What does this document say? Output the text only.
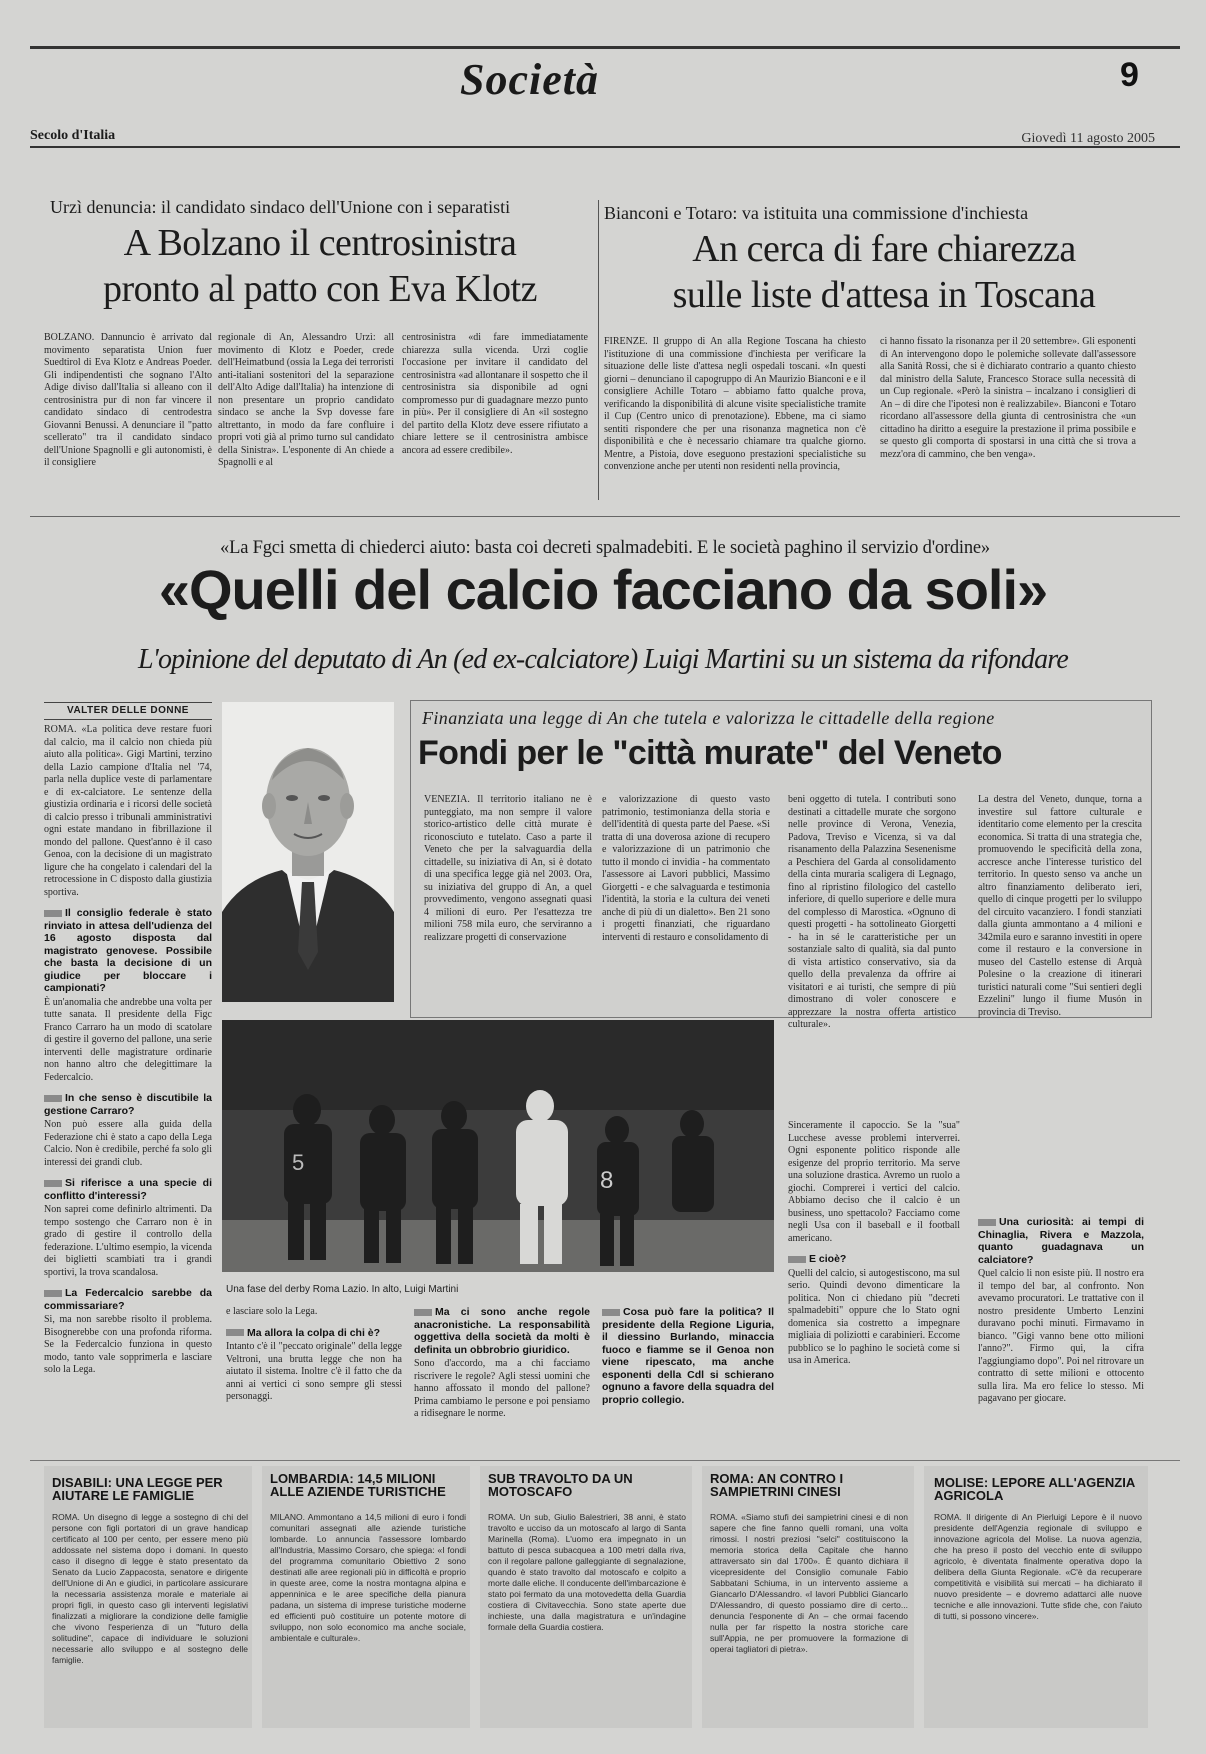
Società	9
Secolo d'Italia	Giovedì 11 agosto 2005
Urzì denuncia: il candidato sindaco dell'Unione con i separatisti
A Bolzano il centrosinistra
pronto al patto con Eva Klotz
BOLZANO. Dannuncio è arrivato dal movimento separatista Union fuer Suedtirol di Eva Klotz e Andreas Poeder. Gli indipendentisti che sognano l'Alto Adige diviso dall'Italia si alleano con il centrosinistra pur di non far vincere il candidato sindaco di centrodestra Giovanni Benussi. A denunciare il "patto scellerato" tra il candidato sindaco dell'Unione Spagnolli e gli autonomisti, è il consigliere
regionale di An, Alessandro Urzì: all movimento di Klotz e Poeder, crede dell'Heimatbund (ossia la Lega dei terroristi anti-italiani sostenitori del la separazione dell'Alto Adige dall'Italia) ha intenzione di non presentare un proprio candidato sindaco se anche la Svp dovesse fare altrettanto, in modo da fare confluire i propri voti già al primo turno sul candidato della Sinistra». L'esponente di An chiede a Spagnolli e al
centrosinistra «di fare immediatamente chiarezza sulla vicenda. Urzì coglie l'occasione per invitare il candidato del centrosinistra «ad allontanare il sospetto che il centrosinistra sia disponibile ad ogni compromesso pur di guadagnare mezzo punto in più». Per il consigliere di An «il sostegno del partito della Klotz deve essere rifiutato a chiare lettere se il centrosinistra ambisce ancora ad essere credibile».
Bianconi e Totaro: va istituita una commissione d'inchiesta
An cerca di fare chiarezza
sulle liste d'attesa in Toscana
FIRENZE. Il gruppo di An alla Regione Toscana ha chiesto l'istituzione di una commissione d'inchiesta per verificare la situazione delle liste d'attesa negli ospedali toscani. «In questi giorni – denunciano il capogruppo di An Maurizio Bianconi e e il consigliere Achille Totaro – abbiamo fatto qualche prova, verificando la disponibilità di alcune visite specialistiche tramite il Cup (Centro unico di prenotazione). Ebbene, ma ci siamo sentiti rispondere che per una risonanza magnetica non c'è disponibilità e che è necessario chiamare tra qualche giorno. Mentre, a Pistoia, dove eseguono prestazioni specialistiche su convenzione anche per utenti non residenti nella provincia,
ci hanno fissato la risonanza per il 20 settembre». Gli esponenti di An intervengono dopo le polemiche sollevate dall'assessore alla Sanità Rossi, che si è dichiarato contrario a quanto chiesto dal ministro della Salute, Francesco Storace sulla necessità di un Cup regionale. «Però la sinistra – incalzano i consiglieri di An – di dire che l'ipotesi non è realizzabile». Bianconi e Totaro ricordano all'assessore della giunta di centrosinistra che «un cittadino ha diritto a eseguire la prestazione il prima possibile e se questo gli comporta di spostarsi in una città che si trova a mezz'ora di cammino, che ben venga».
«La Fgci smetta di chiederci aiuto: basta coi decreti spalmadebiti. E le società paghino il servizio d'ordine»
«Quelli del calcio facciano da soli»
L'opinione del deputato di An (ed ex-calciatore) Luigi Martini su un sistema da rifondare
VALTER DELLE DONNE

ROMA. «La politica deve restare fuori dal calcio, ma il calcio non chieda più aiuto alla politica». Gigi Martini, terzino della Lazio campione d'Italia nel '74, parla nella duplice veste di parlamentare e di ex-calciatore. Le sentenze della giustizia ordinaria e i ricorsi delle società di calcio presso i tribunali amministrativi ogni estate mandano in fibrillazione il mondo del pallone. Quest'anno è il caso Genoa, con la decisione di un magistrato ligure che ha congelato i calendari del la retrocessione in C disposto dalla giustizia sportiva.

Il consiglio federale è stato rinviato in attesa dell'udienza del 16 agosto disposta dal magistrato genovese. Possibile che basta la decisione di un giudice per bloccare i campionati?

È un'anomalia che andrebbe una volta per tutte sanata. Il presidente della Figc Franco Carraro ha un modo di scatolare di gestire il governo del pallone, una serie interventi delle magistrature ordinarie non hanno altro che delegittimare la Federcalcio.

In che senso è discutibile la gestione Carraro?

Non può essere alla guida della Federazione chi è stato a capo della Lega Calcio. Non è credibile, perché fa solo gli interessi dei grandi club.

Si riferisce a una specie di conflitto d'interessi?

Non saprei come definirlo altrimenti. Da tempo sostengo che Carraro non è in grado di gestire il controllo della federazione. L'ultimo esempio, la vicenda dei biglietti scambiati tra i grandi sportivi, la trova scandalosa.

La Federcalcio sarebbe da commissariare?

Si, ma non sarebbe risolto il problema. Bisognerebbe con una profonda riforma. Se la Federcalcio funziona in questo modo, tanto vale sopprimerla e lasciare solo la Lega.

Finanziata una legge di An che tutela e valorizza le cittadelle della regione
Fondi per le "città murate" del Veneto
VENEZIA. Il territorio italiano ne è punteggiato, ma non sempre il valore storico-artistico delle città murate è riconosciuto e tutelato. Caso a parte il Veneto che per la salvaguardia della cittadelle, su iniziativa di An, si è dotato di una specifica legge già nel 2003. Ora, su iniziativa del gruppo di An, a quel provvedimento, vengono assegnati quasi 4 milioni di euro. Per l'esattezza tre milioni 758 mila euro, che serviranno a realizzare progetti di conservazione
e valorizzazione di questo vasto patrimonio, testimonianza della storia e dell'identità di questa parte del Paese. «Si tratta di una doverosa azione di recupero e valorizzazione di un patrimonio che tutto il mondo ci invidia - ha commentato l'assessore ai Lavori pubblici, Massimo Giorgetti - e che salvaguarda e testimonia l'identità, la storia e la cultura dei veneti anche di più di un dialetto». Ben 21 sono i progetti finanziati, che riguardano interventi di restauro e consolidamento di
beni oggetto di tutela. I contributi sono destinati a cittadelle murate che sorgono nelle province di Verona, Venezia, Padova, Treviso e Vicenza, si va dal risanamento della Palazzina Sesenenisme a Peschiera del Garda al consolidamento della cinta muraria scaligera di Legnago, fino al ripristino filologico del castello inferiore, di quello superiore e delle mura del complesso di Marostica. «Ognuno di questi progetti - ha sottolineato Giorgetti - ha in sé le caratteristiche per un sostanziale salto di qualità, sia dal punto di vista artistico conservativo, sia da quello della prevalenza da offrire ai visitatori e ai turisti, che sempre di più dimostrano di voler conoscere e apprezzare la nostra offerta artistico culturale».
La destra del Veneto, dunque, torna a investire sul fattore culturale e identitario come elemento per la crescita economica. Si tratta di una strategia che, promuovendo le specificità della zona, accresce anche l'interesse turistico del territorio. In questo senso va anche un altro finanziamento deliberato ieri, quello di cinque progetti per lo sviluppo del circuito vacanziero. I fondi stanziati dalla giunta ammontano a 4 milioni e 342mila euro e saranno investiti in opere come il restauro e la conversione in museo del Castello estense di Arquà Polesine o la creazione di itinerari turistici naturali come "Sui sentieri degli Ezzelini" lungo il fiume Musón in provincia di Treviso.
5
8
Una fase del derby Roma Lazio. In alto, Luigi Martini

e lasciare solo la Lega.

Ma allora la colpa di chi è?

Intanto c'è il "peccato originale" della legge Veltroni, una brutta legge che non ha aiutato il sistema. Inoltre c'è il fatto che da anni ai vertici ci sono sempre gli stessi personaggi.

Ma ci sono anche regole anacronistiche. La responsabilità oggettiva della società da molti è definita un obbrobrio giuridico.

Sono d'accordo, ma a chi facciamo riscrivere le regole? Agli stessi uomini che hanno affossato il mondo del pallone? Prima cambiamo le persone e poi pensiamo a ridisegnare le norme.

Cosa può fare la politica? Il presidente della Regione Liguria, il diessino Burlando, minaccia fuoco e fiamme se il Genoa non viene ripescato, ma anche esponenti della Cdl si schierano ognuno a favore della squadra del proprio collegio.

Sinceramente il capoccio. Se la "sua" Lucchese avesse problemi interverrei. Ogni esponente politico risponde alle esigenze del proprio territorio. Ma serve una soluzione drastica. Avremo un ruolo a giochi. Comprerei i vertici del calcio. Abbiamo deciso che il calcio è un business, uno spettacolo? Facciamo come negli Usa con il baseball e il football americano.

E cioè?

Quelli del calcio, si autogestiscono, ma sul serio. Quindi devono dimenticare la politica. Non ci chiedano più "decreti spalmadebiti" oppure che lo Stato ogni domenica sia costretto a impegnare migliaia di poliziotti e carabinieri. Eccome pubblico se lo paghino le società come si usa in America.

Una curiosità: ai tempi di Chinaglia, Rivera e Mazzola, quanto guadagnava un calciatore?

Quel calcio li non esiste più. Il nostro era il tempo del bar, al confronto. Non avevamo procuratori. Le trattative con il nostro presidente Umberto Lenzini duravano pochi minuti. Firmavamo in bianco. "Gigi vanno bene otto milioni l'anno?". Firmo qui, la cifra l'aggiungiamo dopo". Poi nel ritrovare un contratto di sette milioni e ottocento sulla lira. Ma ero felice lo stesso. Mi pagavano per giocare.

DISABILI: UNA LEGGE PER AIUTARE LE FAMIGLIE
ROMA. Un disegno di legge a sostegno di chi del persone con figli portatori di un grave handicap certificato al 100 per cento, per essere meno più addossate nel sistema dopo i domani. In questo caso il disegno di legge è stato presentato da Senato da Lucio Zappacosta, senatore e dirigente dell'Unione di An e giudici, in particolare assicurare la necessaria assistenza morale e materiale ai propri figli, in questo caso gli interventi legislativi finalizzati a migliorare la condizione delle famiglie che vivono l'esperienza di un "futuro della solitudine", capace di individuare le soluzioni necessarie allo sviluppo e al sostegno delle famiglie.
LOMBARDIA: 14,5 MILIONI ALLE AZIENDE TURISTICHE
MILANO. Ammontano a 14,5 milioni di euro i fondi comunitari assegnati alle aziende turistiche lombarde. Lo annuncia l'assessore lombardo all'Industria, Massimo Corsaro, che spiega: «I fondi del programma comunitario Obiettivo 2 sono destinati alle aree regionali più in difficoltà e proprio in queste aree, come la nostra montagna alpina e appenninica e le aree specifiche della pianura padana, un sistema di imprese turistiche moderne ed efficienti può costituire un potente motore di sviluppo, non solo economico ma anche sociale, ambientale e culturale».
SUB TRAVOLTO DA UN MOTOSCAFO
ROMA. Un sub, Giulio Balestrieri, 38 anni, è stato travolto e ucciso da un motoscafo al largo di Santa Marinella (Roma). L'uomo era impegnato in un battuto di pesca subacquea a 100 metri dalla riva, con il regolare pallone galleggiante di segnalazione, quando è stato travolto dal motoscafo e colpito a morte dalle eliche. Il conducente dell'imbarcazione è stato poi fermato da una motovedetta della Guardia costiera di Civitavecchia. Sono state aperte due inchieste, una dalla magistratura e un'indagine formale della Guardia costiera.
ROMA: AN CONTRO I SAMPIETRINI CINESI
ROMA. «Siamo stufi dei sampietrini cinesi e di non sapere che fine fanno quelli romani, una volta rimossi. I nostri preziosi "selci" costituiscono la memoria storica della Capitale che hanno attraversato sin dal 1700». È quanto dichiara il vicepresidente del Consiglio comunale Fabio Sabbatani Schiuma, in un intervento assieme a Giancarlo D'Alessandro. «I lavori Pubblici Giancarlo D'Alessandro, di questo possiamo dire di certo... denuncia l'esponente di An – che ormai facendo nulla per far rispetto la nostra storiche care sull'Appia, ne per promuovere la formazione di operai tagliatori di pietra».
MOLISE: LEPORE ALL'AGENZIA AGRICOLA
ROMA. Il dirigente di An Pierluigi Lepore è il nuovo presidente dell'Agenzia regionale di sviluppo e innovazione agricola del Molise. La nuova agenzia, che ha preso il posto del vecchio ente di sviluppo agricolo, è diventata finalmente operativa dopo la delibera della Giunta Regionale. «C'è da recuperare competitività e visibilità sui mercati – ha dichiarato il nuovo presidente – e dovremo adattarci alle nuove tecniche e alle innovazioni. Tutte sfide che, con l'aiuto di tutti, si possono vincere».
